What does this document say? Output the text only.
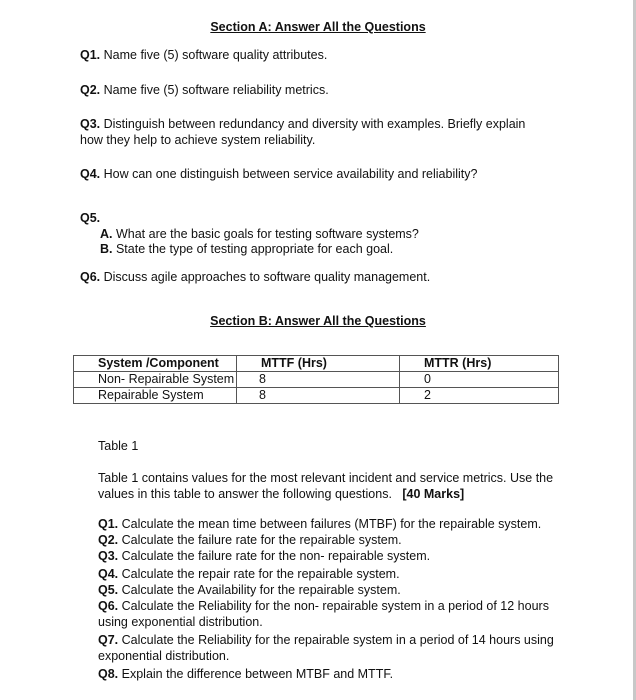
Section A: Answer All the Questions
Q1. Name five (5) software quality attributes.
Q2. Name five (5) software reliability metrics.
Q3. Distinguish between redundancy and diversity with examples. Briefly explain how they help to achieve system reliability.
Q4. How can one distinguish between service availability and reliability?
Q5.
A. What are the basic goals for testing software systems?
B. State the type of testing appropriate for each goal.
Q6. Discuss agile approaches to software quality management.
Section B: Answer All the Questions
System /Component	MTTF (Hrs)	MTTR (Hrs)
Non- Repairable System	8	0
Repairable System	8	2
Table 1
Table 1 contains values for the most relevant incident and service metrics. Use the values in this table to answer the following questions. [40 Marks]
Q1. Calculate the mean time between failures (MTBF) for the repairable system.
Q2. Calculate the failure rate for the repairable system.
Q3. Calculate the failure rate for the non- repairable system.
Q4. Calculate the repair rate for the repairable system.
Q5. Calculate the Availability for the repairable system.
Q6. Calculate the Reliability for the non- repairable system in a period of 12 hours using exponential distribution.
Q7. Calculate the Reliability for the repairable system in a period of 14 hours using exponential distribution.
Q8. Explain the difference between MTBF and MTTF.
